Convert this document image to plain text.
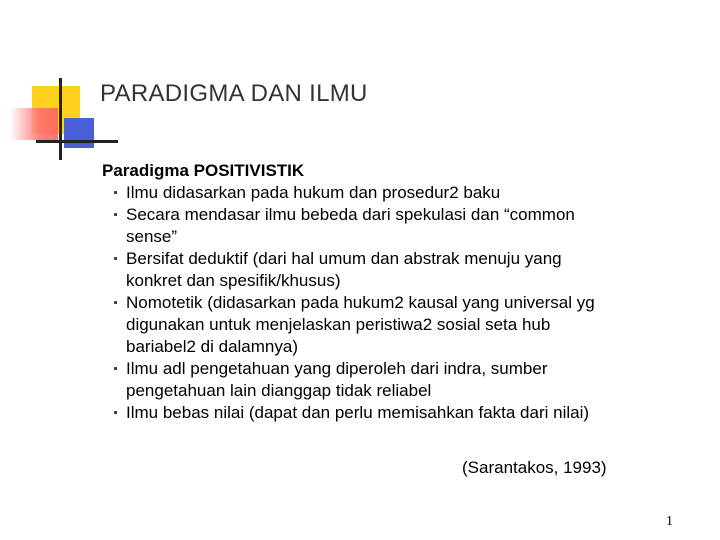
PARADIGMA DAN ILMU
Paradigma POSITIVISTIK
Ilmu didasarkan pada hukum dan prosedur2 baku
Secara mendasar ilmu bebeda dari spekulasi dan “common
sense”
Bersifat deduktif (dari hal umum dan abstrak menuju yang
konkret dan spesifik/khusus)
Nomotetik (didasarkan pada hukum2 kausal yang universal yg
digunakan untuk menjelaskan peristiwa2 sosial seta hub
bariabel2 di dalamnya)
Ilmu adl pengetahuan yang diperoleh dari indra, sumber
pengetahuan lain dianggap tidak reliabel
Ilmu bebas nilai (dapat dan perlu memisahkan fakta dari nilai)
(Sarantakos, 1993)
1
